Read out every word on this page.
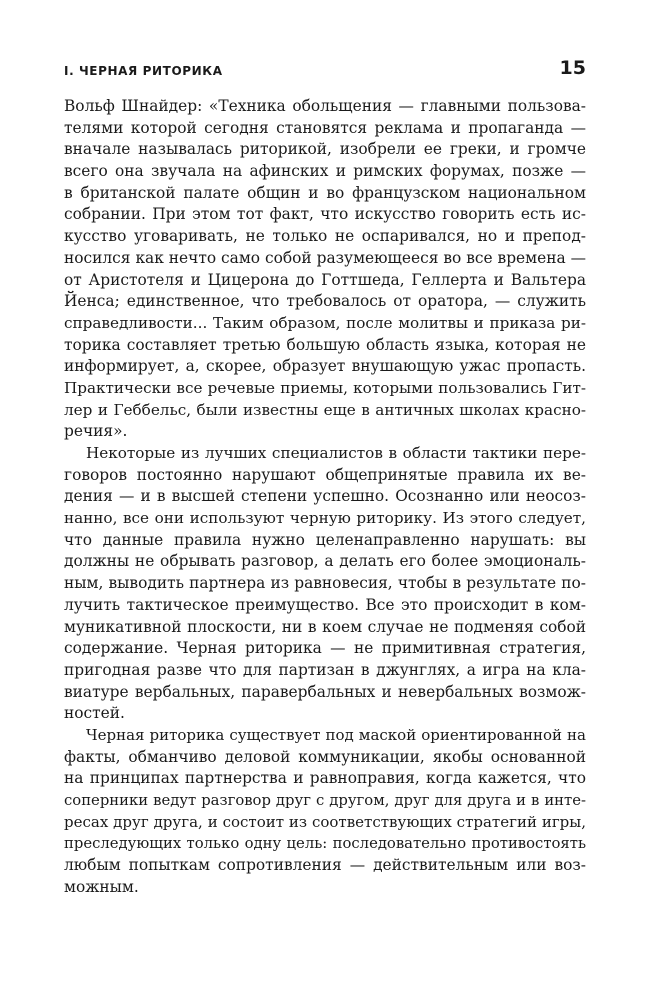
I. ЧЕРНАЯ РИТОРИКА	15
Вольф Шнайдер: «Техника обольщения — главными пользова-
телями которой сегодня становятся реклама и пропаганда —
вначале называлась риторикой, изобрели ее греки, и громче
всего она звучала на афинских и римских форумах, позже —
в британской палате общин и во французском национальном
собрании. При этом тот факт, что искусство говорить есть ис-
кусство уговаривать, не только не оспаривался, но и препод-
носился как нечто само собой разумеющееся во все времена —
от Аристотеля и Цицерона до Готтшеда, Геллерта и Вальтера
Йенса; единственное, что требовалось от оратора, — служить
справедливости... Таким образом, после молитвы и приказа ри-
торика составляет третью большую область языка, которая не
информирует, а, скорее, образует внушающую ужас пропасть.
Практически все речевые приемы, которыми пользовались Гит-
лер и Геббельс, были известны еще в античных школах красно-
речия».
Некоторые из лучших специалистов в области тактики пере-
говоров постоянно нарушают общепринятые правила их ве-
дения — и в высшей степени успешно. Осознанно или неосоз-
нанно, все они используют черную риторику. Из этого следует,
что данные правила нужно целенаправленно нарушать: вы
должны не обрывать разговор, а делать его более эмоциональ-
ным, выводить партнера из равновесия, чтобы в результате по-
лучить тактическое преимущество. Все это происходит в ком-
муникативной плоскости, ни в коем случае не подменяя собой
содержание. Черная риторика — не примитивная стратегия,
пригодная разве что для партизан в джунглях, а игра на кла-
виатуре вербальных, паравербальных и невербальных возмож-
ностей.
Черная риторика существует под маской ориентированной на
факты, обманчиво деловой коммуникации, якобы основанной
на принципах партнерства и равноправия, когда кажется, что
соперники ведут разговор друг с другом, друг для друга и в инте-
ресах друг друга, и состоит из соответствующих стратегий игры,
преследующих только одну цель: последовательно противостоять
любым попыткам сопротивления — действительным или воз-
можным.
